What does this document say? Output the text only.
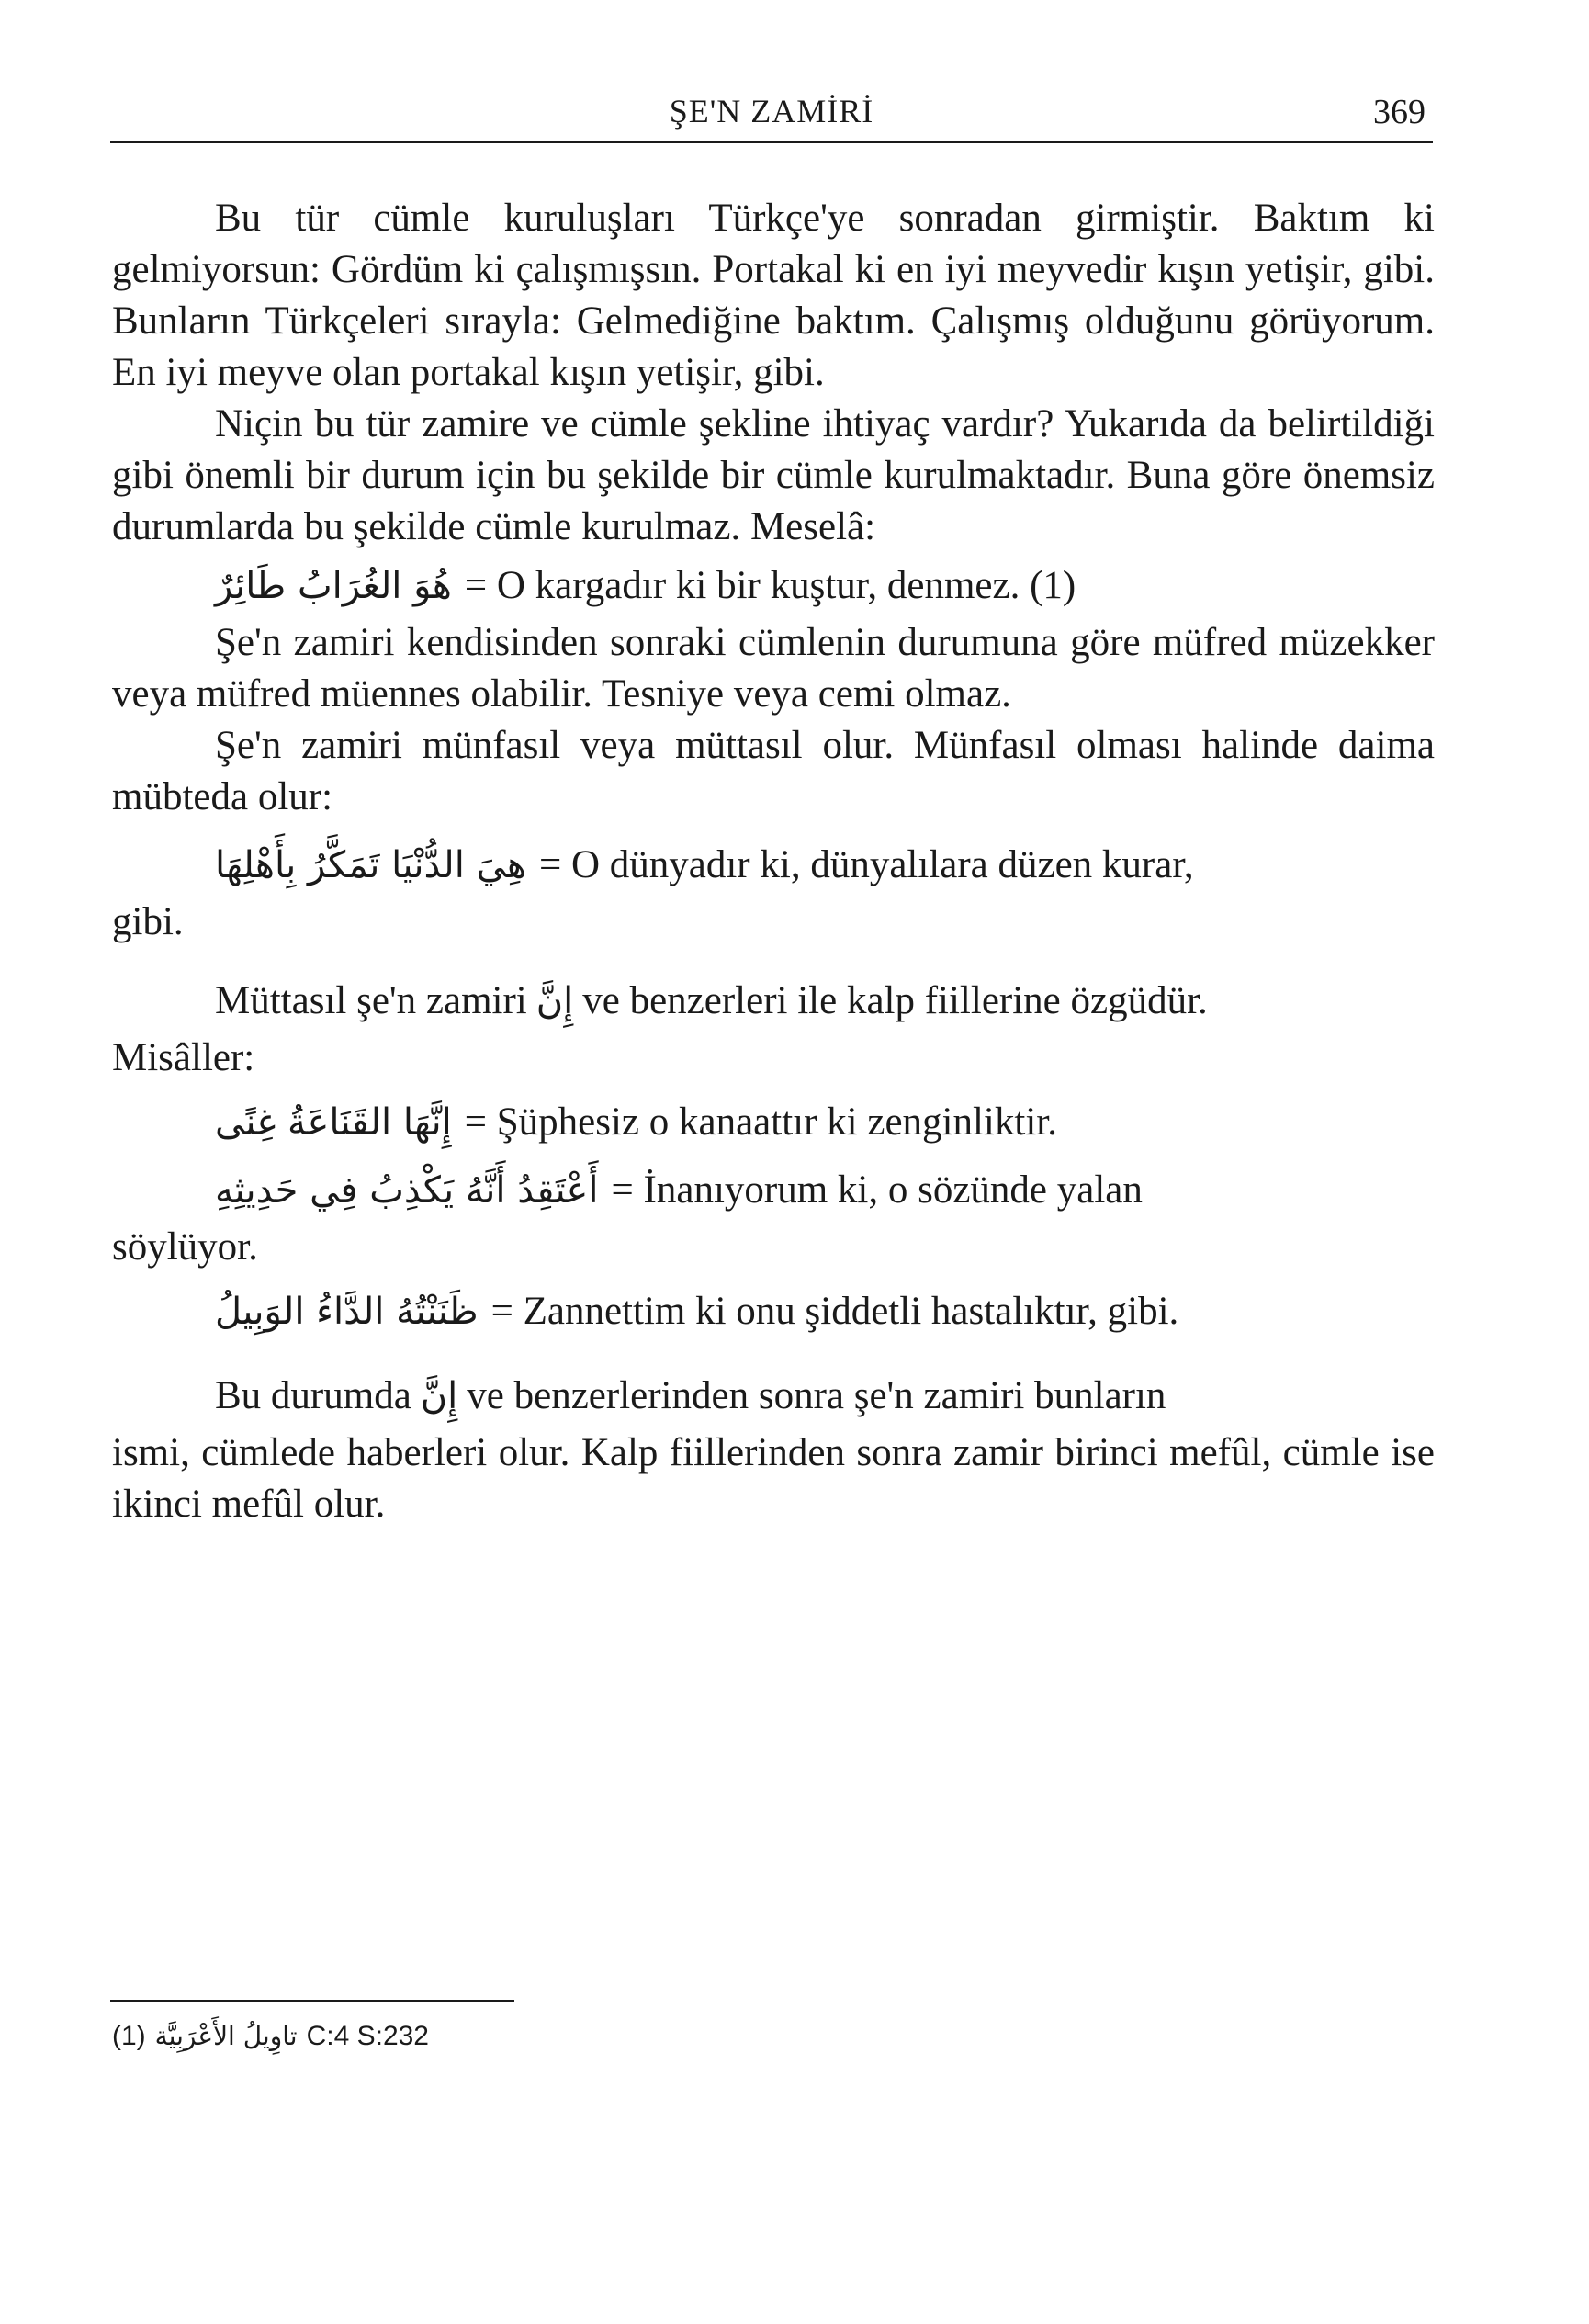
ŞE'N ZAMİRİ	369

Bu tür cümle kuruluşları Türkçe'ye sonradan girmiştir. Baktım ki gelmiyorsun: Gördüm ki çalışmışsın. Portakal ki en iyi meyvedir kışın yetişir, gibi. Bunların Türkçeleri sırayla: Gelmediğine baktım. Çalışmış olduğunu görüyorum. En iyi meyve olan portakal kışın yetişir, gibi.

Niçin bu tür zamire ve cümle şekline ihtiyaç vardır? Yukarıda da belirtildiği gibi önemli bir durum için bu şekilde bir cümle kurulmaktadır. Buna göre önemsiz durumlarda bu şekilde cümle kurulmaz. Meselâ:

هُوَ الغُرَابُ طَائِرٌ = O kargadır ki bir kuştur, denmez. (1)

Şe'n zamiri kendisinden sonraki cümlenin durumuna göre müfred müzekker veya müfred müennes olabilir. Tesniye veya cemi olmaz.

Şe'n zamiri münfasıl veya müttasıl olur. Münfasıl olması halinde daima mübteda olur:

هِيَ الدُّنْيَا تَمَكَّرُ بِأَهْلِهَا = O dünyadır ki, dünyalılara düzen kurar,

gibi.

Müttasıl şe'n zamiri إِنَّ ve benzerleri ile kalp fiillerine özgüdür.

Misâller:

إِنَّهَا القَنَاعَةُ غِنًى = Şüphesiz o kanaattır ki zenginliktir.
أَعْتَقِدُ أَنَّهُ يَكْذِبُ فِي حَدِيثِهِ = İnanıyorum ki, o sözünde yalan

söylüyor.

ظَنَنْتُهُ الدَّاءُ الوَبِيلُ = Zannettim ki onu şiddetli hastalıktır, gibi.
Bu durumda إِنَّ ve benzerlerinden sonra şe'n zamiri bunların

ismi, cümlede haberleri olur. Kalp fiillerinden sonra zamir birinci mefûl, cümle ise ikinci mefûl olur.

(1) تاوِيلُ الأَعْرَبِيَّة C:4 S:232
